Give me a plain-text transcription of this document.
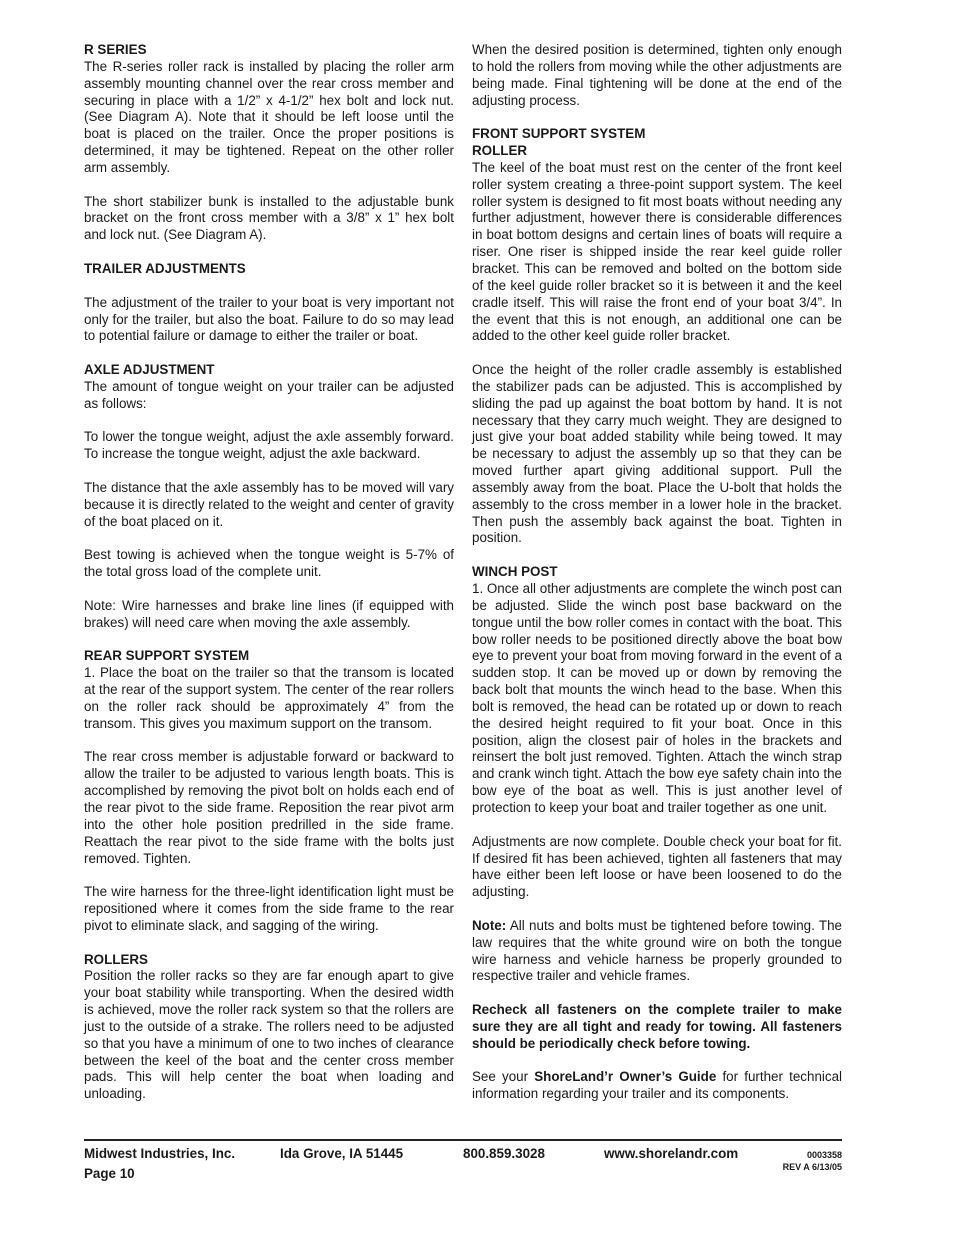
R SERIES
The R-series roller rack is installed by placing the roller arm assembly mounting channel over the rear cross member and securing in place with a 1/2” x 4-1/2” hex bolt and lock nut. (See Diagram A). Note that it should be left loose until the boat is placed on the trailer. Once the proper positions is determined, it may be tightened. Repeat on the other roller arm assembly.

The short stabilizer bunk is installed to the adjustable bunk bracket on the front cross member with a 3/8” x 1” hex bolt and lock nut. (See Diagram A).

TRAILER ADJUSTMENTS

The adjustment of the trailer to your boat is very important not only for the trailer, but also the boat. Failure to do so may lead to potential failure or damage to either the trailer or boat.

AXLE ADJUSTMENT
The amount of tongue weight on your trailer can be adjusted as follows:

To lower the tongue weight, adjust the axle assembly forward. To increase the tongue weight, adjust the axle backward.

The distance that the axle assembly has to be moved will vary because it is directly related to the weight and center of gravity of the boat placed on it.

Best towing is achieved when the tongue weight is 5-7% of the total gross load of the complete unit.

Note: Wire harnesses and brake line lines (if equipped with brakes) will need care when moving the axle assembly.

REAR SUPPORT SYSTEM
1. Place the boat on the trailer so that the transom is located at the rear of the support system. The center of the rear rollers on the roller rack should be approximately 4” from the transom. This gives you maximum support on the transom.

The rear cross member is adjustable forward or backward to allow the trailer to be adjusted to various length boats. This is accomplished by removing the pivot bolt on holds each end of the rear pivot to the side frame. Reposition the rear pivot arm into the other hole position predrilled in the side frame. Reattach the rear pivot to the side frame with the bolts just removed. Tighten.

The wire harness for the three-light identification light must be repositioned where it comes from the side frame to the rear pivot to eliminate slack, and sagging of the wiring.

ROLLERS
Position the roller racks so they are far enough apart to give your boat stability while transporting. When the desired width is achieved, move the roller rack system so that the rollers are just to the outside of a strake. The rollers need to be adjusted so that you have a minimum of one to two inches of clearance between the keel of the boat and the center cross member pads. This will help center the boat when loading and unloading.

When the desired position is determined, tighten only enough to hold the rollers from moving while the other adjustments are being made. Final tightening will be done at the end of the adjusting process.

FRONT SUPPORT SYSTEM
ROLLER
The keel of the boat must rest on the center of the front keel roller system creating a three-point support system. The keel roller system is designed to fit most boats without needing any further adjustment, however there is considerable differences in boat bottom designs and certain lines of boats will require a riser. One riser is shipped inside the rear keel guide roller bracket. This can be removed and bolted on the bottom side of the keel guide roller bracket so it is between it and the keel cradle itself. This will raise the front end of your boat 3/4”. In the event that this is not enough, an additional one can be added to the other keel guide roller bracket.

Once the height of the roller cradle assembly is established the stabilizer pads can be adjusted. This is accomplished by sliding the pad up against the boat bottom by hand. It is not necessary that they carry much weight. They are designed to just give your boat added stability while being towed. It may be necessary to adjust the assembly up so that they can be moved further apart giving additional support. Pull the assembly away from the boat. Place the U-bolt that holds the assembly to the cross member in a lower hole in the bracket. Then push the assembly back against the boat. Tighten in position.

WINCH POST
1. Once all other adjustments are complete the winch post can be adjusted. Slide the winch post base backward on the tongue until the bow roller comes in contact with the boat. This bow roller needs to be positioned directly above the boat bow eye to prevent your boat from moving forward in the event of a sudden stop. It can be moved up or down by removing the back bolt that mounts the winch head to the base. When this bolt is removed, the head can be rotated up or down to reach the desired height required to fit your boat. Once in this position, align the closest pair of holes in the brackets and reinsert the bolt just removed. Tighten. Attach the winch strap and crank winch tight. Attach the bow eye safety chain into the bow eye of the boat as well. This is just another level of protection to keep your boat and trailer together as one unit.

Adjustments are now complete. Double check your boat for fit. If desired fit has been achieved, tighten all fasteners that may have either been left loose or have been loosened to do the adjusting.

Note: All nuts and bolts must be tightened before towing. The law requires that the white ground wire on both the tongue wire harness and vehicle harness be properly grounded to respective trailer and vehicle frames.

Recheck all fasteners on the complete trailer to make sure they are all tight and ready for towing. All fasteners should be periodically check before towing.

See your ShoreLand’r Owner’s Guide for further technical information regarding your trailer and its components.

Midwest Industries, Inc.
Page 10
Ida Grove, IA 51445	800.859.3028	www.shorelandr.com	0003358
REV A 6/13/05
